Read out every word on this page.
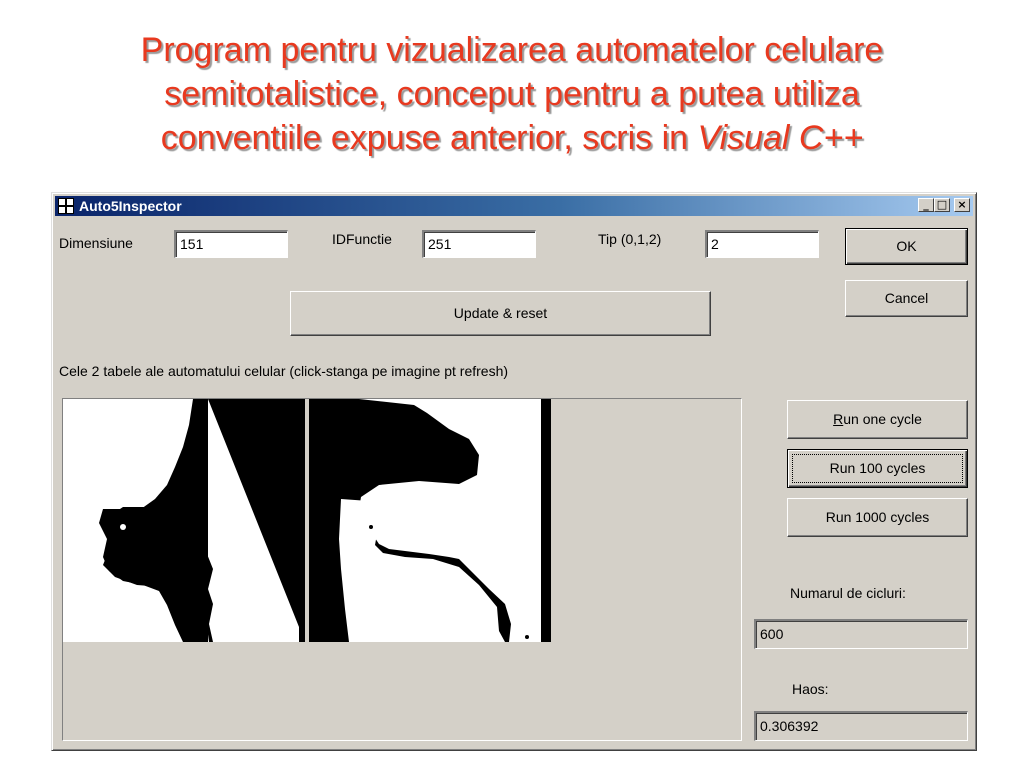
Program pentru vizualizarea automatelor celulare
semitotalistice, conceput pentru a putea utiliza
conventiile expuse anterior, scris in Visual C++
Auto5Inspector	_ □ ×
Dimensiune	151	IDFunctie	251	Tip (0,1,2)	2	OK
Cancel
Update & reset
Cele 2 tabele ale automatului celular (click-stanga pe imagine pt refresh)
Run one cycle
Run 100 cycles
Run 1000 cycles
Numarul de cicluri:
600
Haos:
0.306392
